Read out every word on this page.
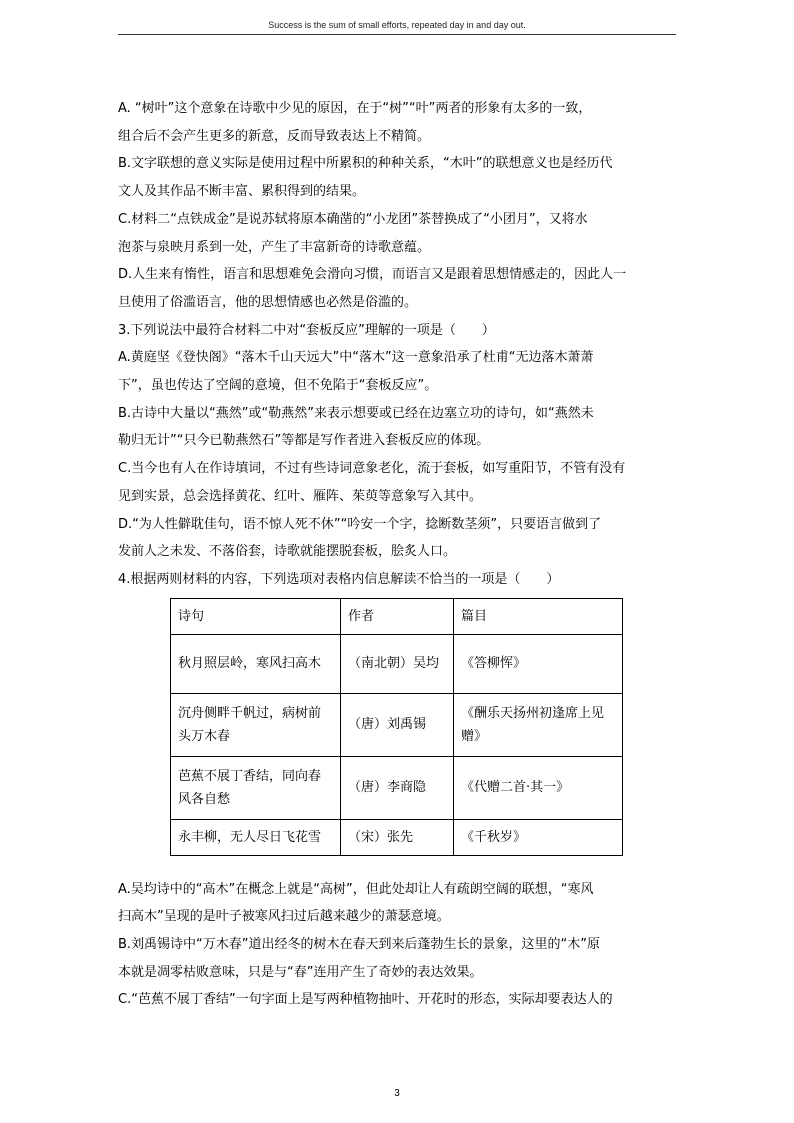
Success is the sum of small efforts, repeated day in and day out.

A. “树叶”这个意象在诗歌中少见的原因，在于“树”“叶”两者的形象有太多的一致，

组合后不会产生更多的新意，反而导致表达上不精简。

B.文字联想的意义实际是使用过程中所累积的种种关系，“木叶”的联想意义也是经历代

文人及其作品不断丰富、累积得到的结果。

C.材料二“点铁成金”是说苏轼将原本确凿的“小龙团”茶替换成了“小团月”，又将水

泡茶与泉映月系到一处，产生了丰富新奇的诗歌意蕴。

D.人生来有惰性，语言和思想难免会滑向习惯，而语言又是跟着思想情感走的，因此人一

旦使用了俗滥语言，他的思想情感也必然是俗滥的。

3.下列说法中最符合材料二中对“套板反应”理解的一项是（　　）

A.黄庭坚《登快阁》“落木千山天远大”中“落木”这一意象沿承了杜甫“无边落木萧萧

下”，虽也传达了空阔的意境，但不免陷于“套板反应”。

B.古诗中大量以“燕然”或“勒燕然”来表示想要或已经在边塞立功的诗句，如“燕然未

勒归无计”“只今已勒燕然石”等都是写作者进入套板反应的体现。

C.当今也有人在作诗填词，不过有些诗词意象老化，流于套板，如写重阳节，不管有没有

见到实景，总会选择黄花、红叶、雁阵、茱萸等意象写入其中。

D.“为人性僻耽佳句，语不惊人死不休”“吟安一个字，捻断数茎须”，只要语言做到了

发前人之未发、不落俗套，诗歌就能摆脱套板，脍炙人口。

4.根据两则材料的内容，下列选项对表格内信息解读不恰当的一项是（　　）

诗句	作者	篇目
秋月照层岭，寒风扫高木	（南北朝）吴均	《答柳恽》
沉舟侧畔千帆过，病树前头万木春	（唐）刘禹锡	《酬乐天扬州初逢席上见赠》
芭蕉不展丁香结，同向春风各自愁	（唐）李商隐	《代赠二首·其一》
永丰柳，无人尽日飞花雪	（宋）张先	《千秋岁》

A.吴均诗中的“高木”在概念上就是“高树”，但此处却让人有疏朗空阔的联想，“寒风

扫高木”呈现的是叶子被寒风扫过后越来越少的萧瑟意境。

B.刘禹锡诗中“万木春”道出经冬的树木在春天到来后蓬勃生长的景象，这里的“木”原

本就是凋零枯败意味，只是与“春”连用产生了奇妙的表达效果。

C.“芭蕉不展丁香结”一句字面上是写两种植物抽叶、开花时的形态，实际却要表达人的

3
